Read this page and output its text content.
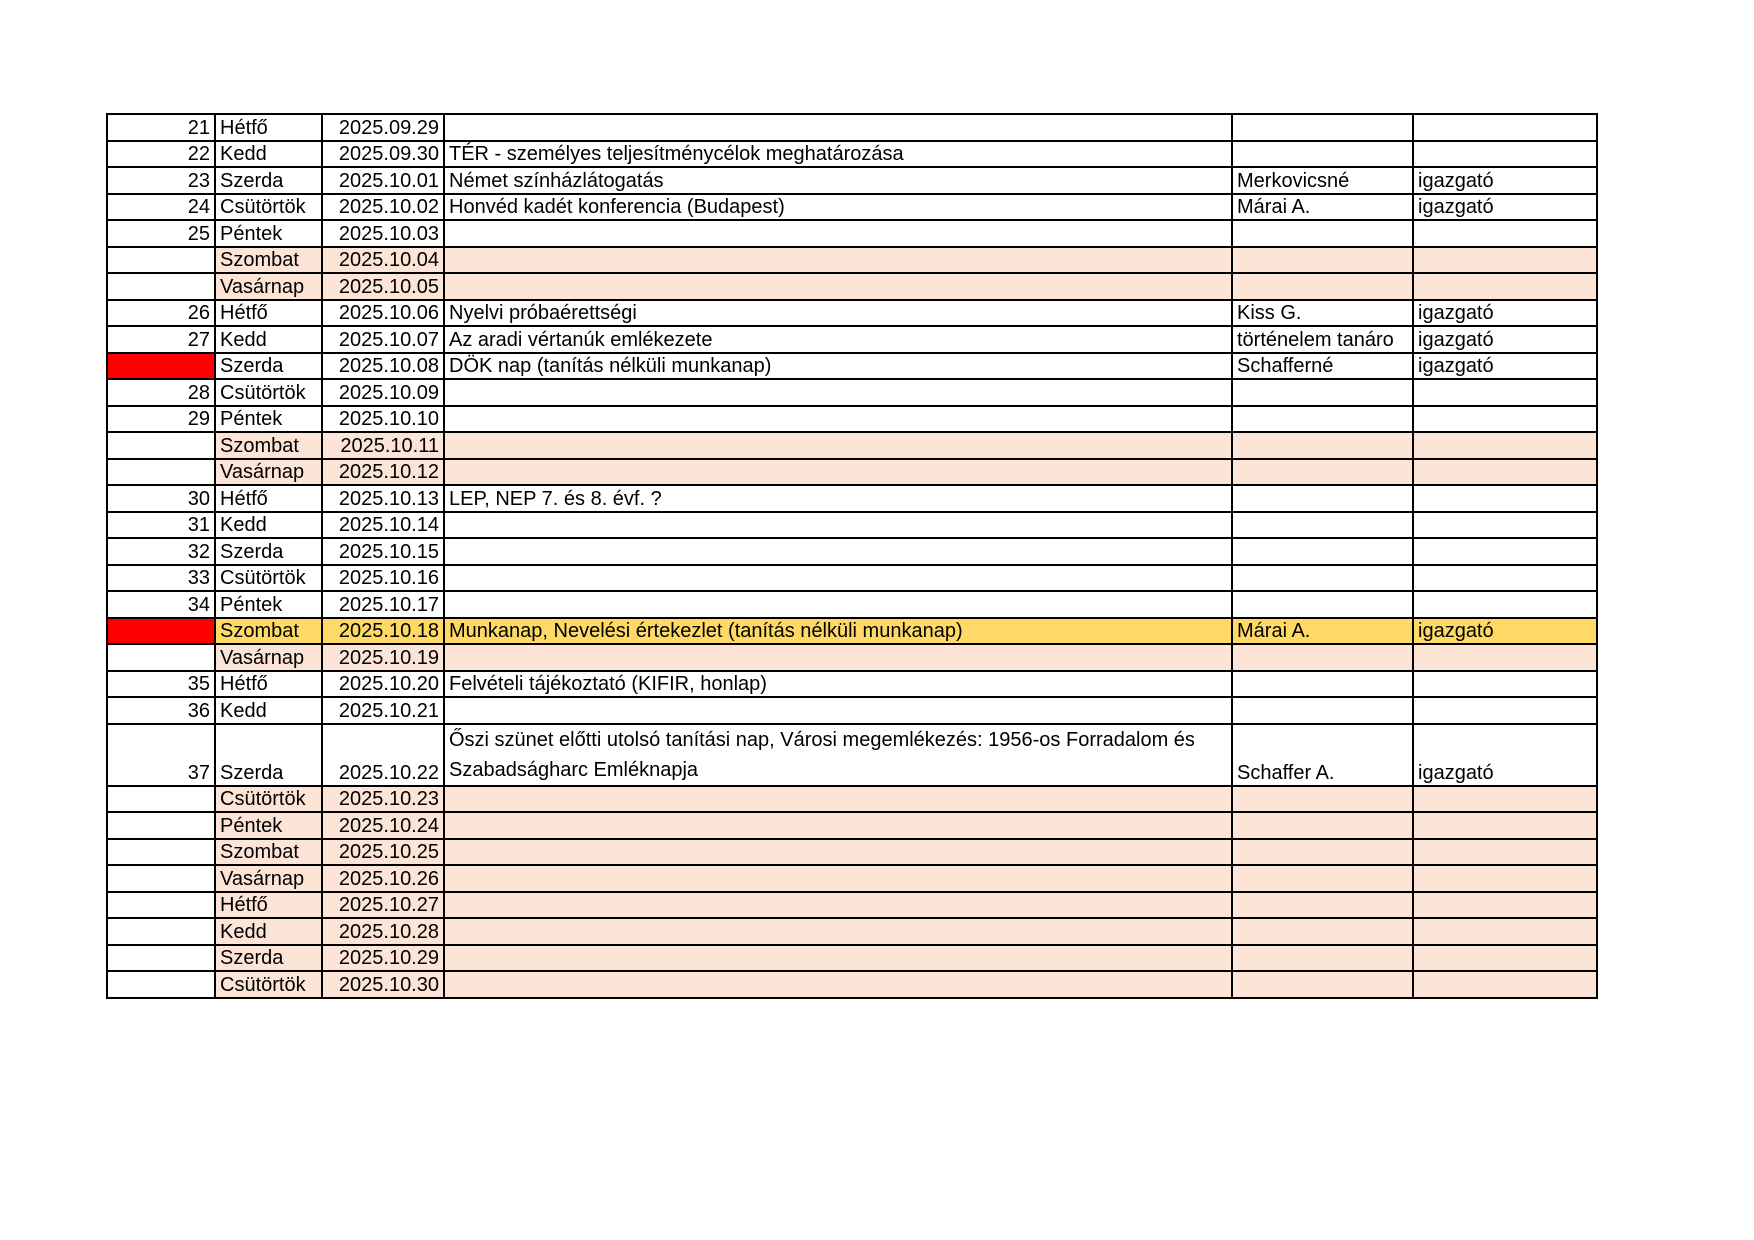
21	Hétfő	2025.09.29			
22	Kedd	2025.09.30	TÉR - személyes teljesítménycélok meghatározása		
23	Szerda	2025.10.01	Német színházlátogatás	Merkovicsné	igazgató
24	Csütörtök	2025.10.02	Honvéd kadét konferencia (Budapest)	Márai A.	igazgató
25	Péntek	2025.10.03			
	Szombat	2025.10.04			
	Vasárnap	2025.10.05			
26	Hétfő	2025.10.06	Nyelvi próbaérettségi	Kiss G.	igazgató
27	Kedd	2025.10.07	Az aradi vértanúk emlékezete	történelem tanáro	igazgató
	Szerda	2025.10.08	DÖK nap (tanítás nélküli munkanap)	Schafferné	igazgató
28	Csütörtök	2025.10.09			
29	Péntek	2025.10.10			
	Szombat	2025.10.11			
	Vasárnap	2025.10.12			
30	Hétfő	2025.10.13	LEP, NEP 7. és 8. évf. ?		
31	Kedd	2025.10.14			
32	Szerda	2025.10.15			
33	Csütörtök	2025.10.16			
34	Péntek	2025.10.17			
	Szombat	2025.10.18	Munkanap, Nevelési értekezlet (tanítás nélküli munkanap)	Márai A.	igazgató
	Vasárnap	2025.10.19			
35	Hétfő	2025.10.20	Felvételi tájékoztató (KIFIR, honlap)		
36	Kedd	2025.10.21			
37	Szerda	2025.10.22	Őszi szünet előtti utolsó tanítási nap, Városi megemlékezés: 1956-os Forradalom és Szabadságharc Emléknapja	Schaffer A.	igazgató
	Csütörtök	2025.10.23			
	Péntek	2025.10.24			
	Szombat	2025.10.25			
	Vasárnap	2025.10.26			
	Hétfő	2025.10.27			
	Kedd	2025.10.28			
	Szerda	2025.10.29			
	Csütörtök	2025.10.30			
